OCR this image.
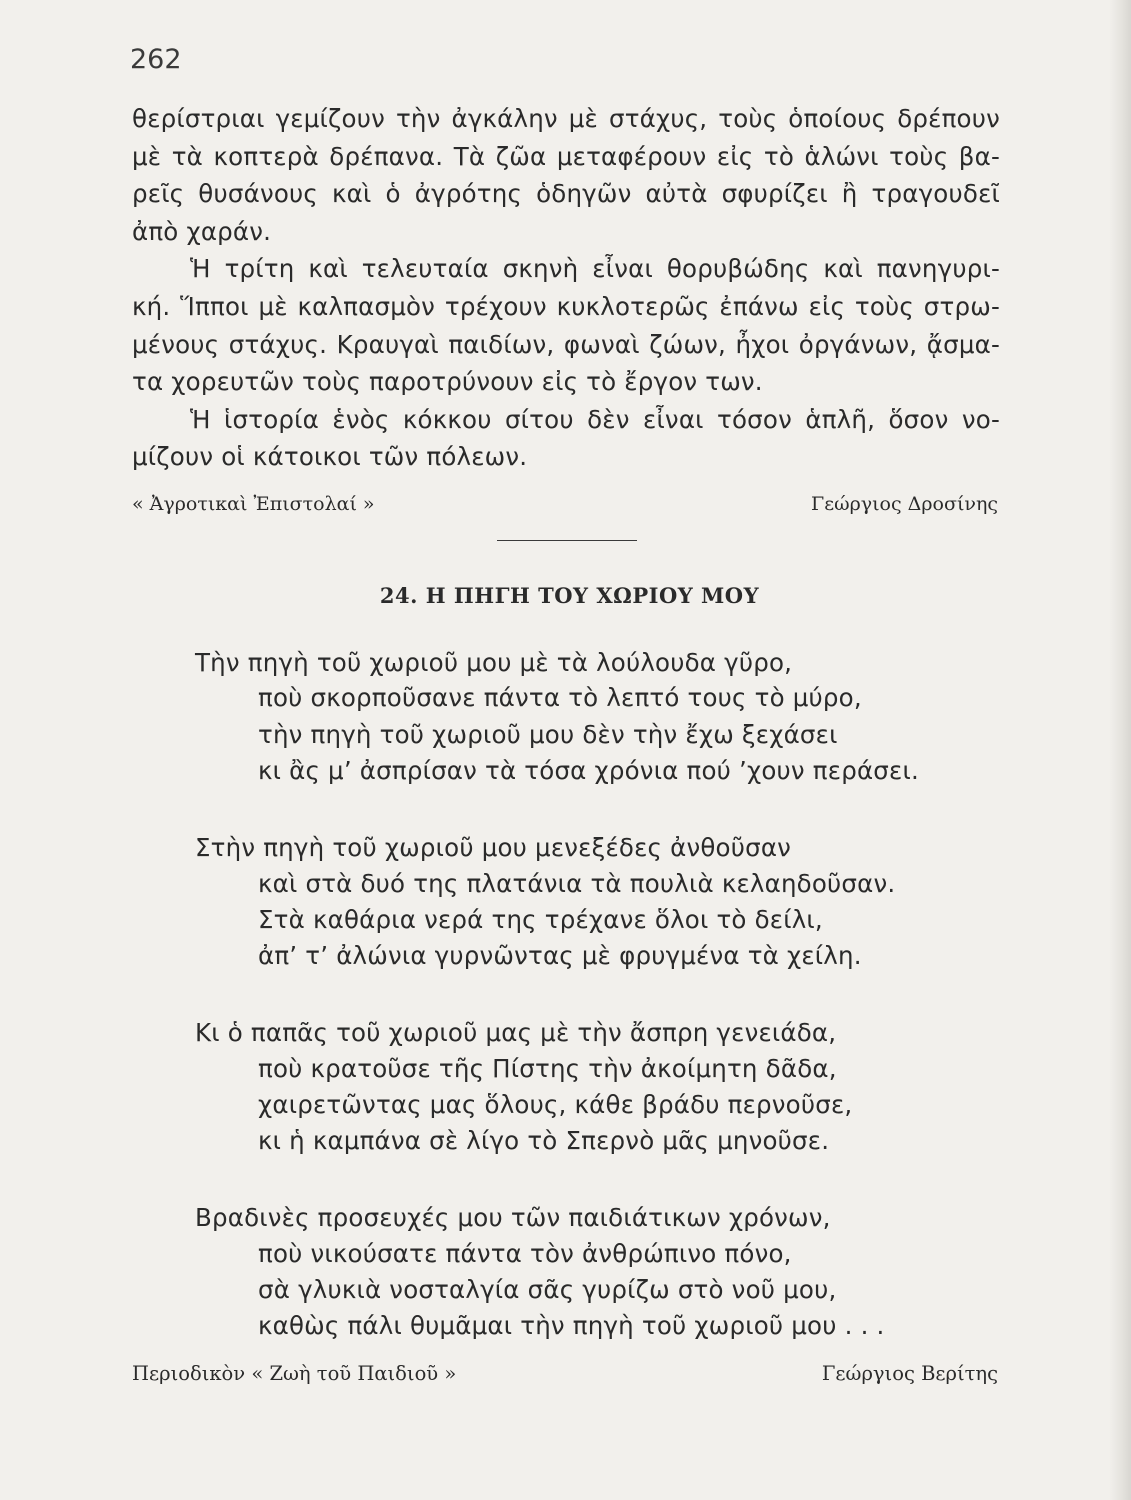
262

θερίστριαι γεμίζουν τὴν ἀγκάλην μὲ στάχυς, τοὺς ὁποίους δρέπουν
μὲ τὰ κοπτερὰ δρέπανα. Τὰ ζῶα μεταφέρουν εἰς τὸ ἁλώνι τοὺς βα-
ρεῖς θυσάνους καὶ ὁ ἀγρότης ὁδηγῶν αὐτὰ σφυρίζει ἢ τραγουδεῖ
ἀπὸ χαράν.

Ἡ τρίτη καὶ τελευταία σκηνὴ εἶναι θορυβώδης καὶ πανηγυρι-
κή. Ἵπποι μὲ καλπασμὸν τρέχουν κυκλοτερῶς ἐπάνω εἰς τοὺς στρω-
μένους στάχυς. Κραυγαὶ παιδίων, φωναὶ ζώων, ἦχοι ὀργάνων, ᾄσμα-
τα χορευτῶν τοὺς παροτρύνουν εἰς τὸ ἔργον των.

Ἡ ἱστορία ἑνὸς κόκκου σίτου δὲν εἶναι τόσον ἁπλῆ, ὅσον νο-
μίζουν οἱ κάτοικοι τῶν πόλεων.

« Ἀγροτικαὶ Ἐπιστολαί »	Γεώργιος Δροσίνης
24. Η ΠΗΓΗ ΤΟΥ ΧΩΡΙΟΥ ΜΟΥ
Τὴν πηγὴ τοῦ χωριοῦ μου μὲ τὰ λούλουδα γῦρο,
ποὺ σκορποῦσανε πάντα τὸ λεπτό τους τὸ μύρο,
τὴν πηγὴ τοῦ χωριοῦ μου δὲν τὴν ἔχω ξεχάσει
κι ἂς μ’ ἀσπρίσαν τὰ τόσα χρόνια πού ’χουν περάσει.
Στὴν πηγὴ τοῦ χωριοῦ μου μενεξέδες ἀνθοῦσαν
καὶ στὰ δυό της πλατάνια τὰ πουλιὰ κελαηδοῦσαν.
Στὰ καθάρια νερά της τρέχανε ὅλοι τὸ δείλι,
ἀπ’ τ’ ἀλώνια γυρνῶντας μὲ φρυγμένα τὰ χείλη.
Κι ὁ παπᾶς τοῦ χωριοῦ μας μὲ τὴν ἄσπρη γενειάδα,
ποὺ κρατοῦσε τῆς Πίστης τὴν ἀκοίμητη δᾶδα,
χαιρετῶντας μας ὅλους, κάθε βράδυ περνοῦσε,
κι ἡ καμπάνα σὲ λίγο τὸ Σπερνὸ μᾶς μηνοῦσε.
Βραδινὲς προσευχές μου τῶν παιδιάτικων χρόνων,
ποὺ νικούσατε πάντα τὸν ἀνθρώπινο πόνο,
σὰ γλυκιὰ νοσταλγία σᾶς γυρίζω στὸ νοῦ μου,
καθὼς πάλι θυμᾶμαι τὴν πηγὴ τοῦ χωριοῦ μου . . .
Περιοδικὸν « Ζωὴ τοῦ Παιδιοῦ »	Γεώργιος Βερίτης
